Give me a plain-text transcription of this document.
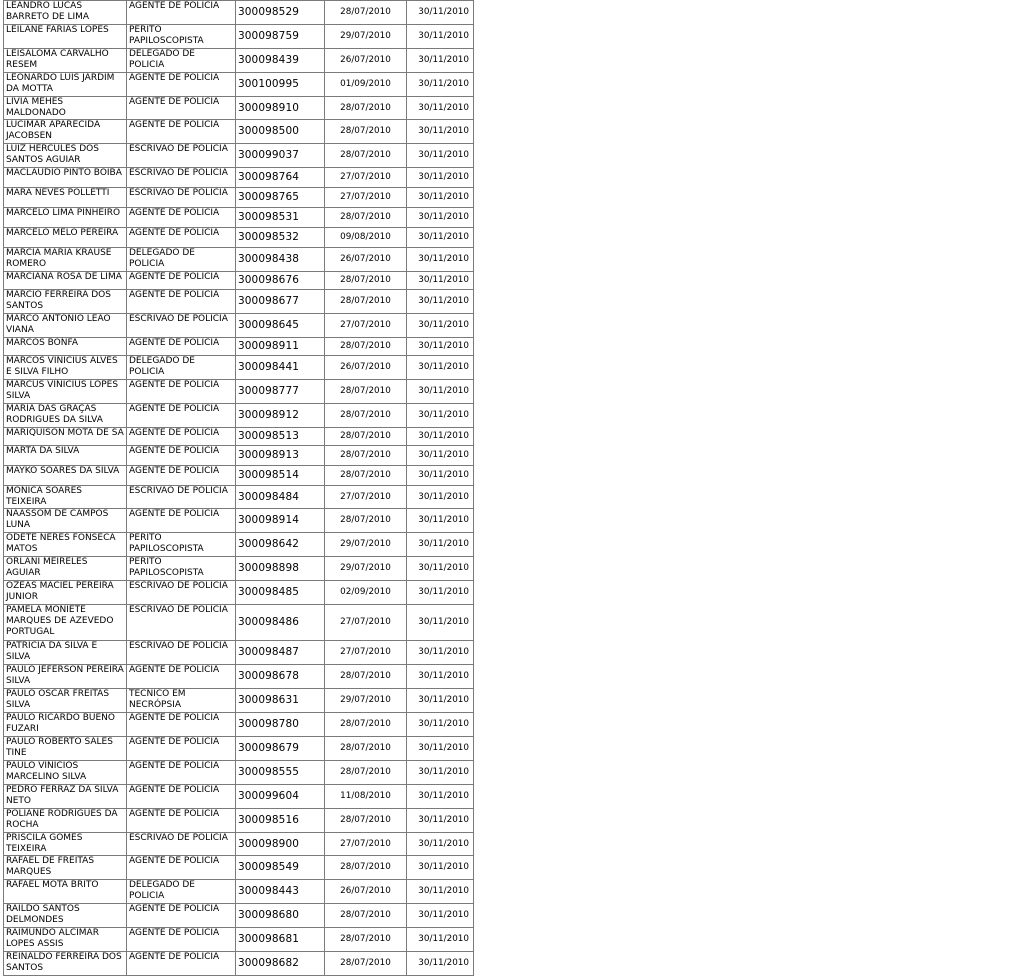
LEANDRO LUCAS BARRETO DE LIMA	AGENTE DE POLÍCIA	300098529	28/07/2010	30/11/2010
LEILANE FARIAS LOPES	PERITO PAPILOSCOPISTA	300098759	29/07/2010	30/11/2010
LEISALOMA CARVALHO RESEM	DELEGADO DE POLICIA	300098439	26/07/2010	30/11/2010
LEONARDO LUIS JARDIM DA MOTTA	AGENTE DE POLÍCIA	300100995	01/09/2010	30/11/2010
LIVIA MEHES MALDONADO	AGENTE DE POLÍCIA	300098910	28/07/2010	30/11/2010
LUCIMAR APARECIDA JACOBSEN	AGENTE DE POLÍCIA	300098500	28/07/2010	30/11/2010
LUIZ HERCULES DOS SANTOS AGUIAR	ESCRIVÃO DE POLÍCIA	300099037	28/07/2010	30/11/2010
MACLAUDIO PINTO BOIBA	ESCRIVÃO DE POLÍCIA	300098764	27/07/2010	30/11/2010
MARA NEVES POLLETTI	ESCRIVÃO DE POLÍCIA	300098765	27/07/2010	30/11/2010
MARCELO LIMA PINHEIRO	AGENTE DE POLÍCIA	300098531	28/07/2010	30/11/2010
MARCELO MELO PEREIRA	AGENTE DE POLÍCIA	300098532	09/08/2010	30/11/2010
MARCIA MARIA KRAUSE ROMERO	DELEGADO DE POLICIA	300098438	26/07/2010	30/11/2010
MARCIANA ROSA DE LIMA	AGENTE DE POLÍCIA	300098676	28/07/2010	30/11/2010
MARCIO FERREIRA DOS SANTOS	AGENTE DE POLÍCIA	300098677	28/07/2010	30/11/2010
MARCO ANTONIO LEAO VIANA	ESCRIVÃO DE POLÍCIA	300098645	27/07/2010	30/11/2010
MARCOS BONFA	AGENTE DE POLÍCIA	300098911	28/07/2010	30/11/2010
MARCOS VINICIUS ALVES E SILVA FILHO	DELEGADO DE POLICIA	300098441	26/07/2010	30/11/2010
MARCUS VINICIUS LOPES SILVA	AGENTE DE POLÍCIA	300098777	28/07/2010	30/11/2010
MARIA DAS GRAÇAS RODRIGUES DA SILVA	AGENTE DE POLÍCIA	300098912	28/07/2010	30/11/2010
MARIQUISON MOTA DE SA	AGENTE DE POLÍCIA	300098513	28/07/2010	30/11/2010
MARTA DA SILVA	AGENTE DE POLÍCIA	300098913	28/07/2010	30/11/2010
MAYKO SOARES DA SILVA	AGENTE DE POLÍCIA	300098514	28/07/2010	30/11/2010
MONICA SOARES TEIXEIRA	ESCRIVÃO DE POLÍCIA	300098484	27/07/2010	30/11/2010
NAASSOM DE CAMPOS LUNA	AGENTE DE POLÍCIA	300098914	28/07/2010	30/11/2010
ODETE NERES FONSECA MATOS	PERITO PAPILOSCOPISTA	300098642	29/07/2010	30/11/2010
ORLANI MEIRELES AGUIAR	PERITO PAPILOSCOPISTA	300098898	29/07/2010	30/11/2010
OZEAS MACIEL PEREIRA JUNIOR	ESCRIVÃO DE POLÍCIA	300098485	02/09/2010	30/11/2010
PAMELA MONIETE MARQUES DE AZEVEDO PORTUGAL	ESCRIVÃO DE POLÍCIA	300098486	27/07/2010	30/11/2010
PATRICIA DA SILVA E SILVA	ESCRIVÃO DE POLÍCIA	300098487	27/07/2010	30/11/2010
PAULO JEFERSON PEREIRA SILVA	AGENTE DE POLÍCIA	300098678	28/07/2010	30/11/2010
PAULO OSCAR FREITAS SILVA	TÉCNICO EM NECRÓPSIA	300098631	29/07/2010	30/11/2010
PAULO RICARDO BUENO FUZARI	AGENTE DE POLÍCIA	300098780	28/07/2010	30/11/2010
PAULO ROBERTO SALES TINE	AGENTE DE POLÍCIA	300098679	28/07/2010	30/11/2010
PAULO VINICIOS MARCELINO SILVA	AGENTE DE POLÍCIA	300098555	28/07/2010	30/11/2010
PEDRO FERRAZ DA SILVA NETO	AGENTE DE POLÍCIA	300099604	11/08/2010	30/11/2010
POLIANE RODRIGUES DA ROCHA	AGENTE DE POLÍCIA	300098516	28/07/2010	30/11/2010
PRISCILA GOMES TEIXEIRA	ESCRIVÃO DE POLÍCIA	300098900	27/07/2010	30/11/2010
RAFAEL DE FREITAS MARQUES	AGENTE DE POLÍCIA	300098549	28/07/2010	30/11/2010
RAFAEL MOTA BRITO	DELEGADO DE POLICIA	300098443	26/07/2010	30/11/2010
RAILDO SANTOS DELMONDES	AGENTE DE POLÍCIA	300098680	28/07/2010	30/11/2010
RAIMUNDO ALCIMAR LOPES ASSIS	AGENTE DE POLÍCIA	300098681	28/07/2010	30/11/2010
REINALDO FERREIRA DOS SANTOS	AGENTE DE POLÍCIA	300098682	28/07/2010	30/11/2010
